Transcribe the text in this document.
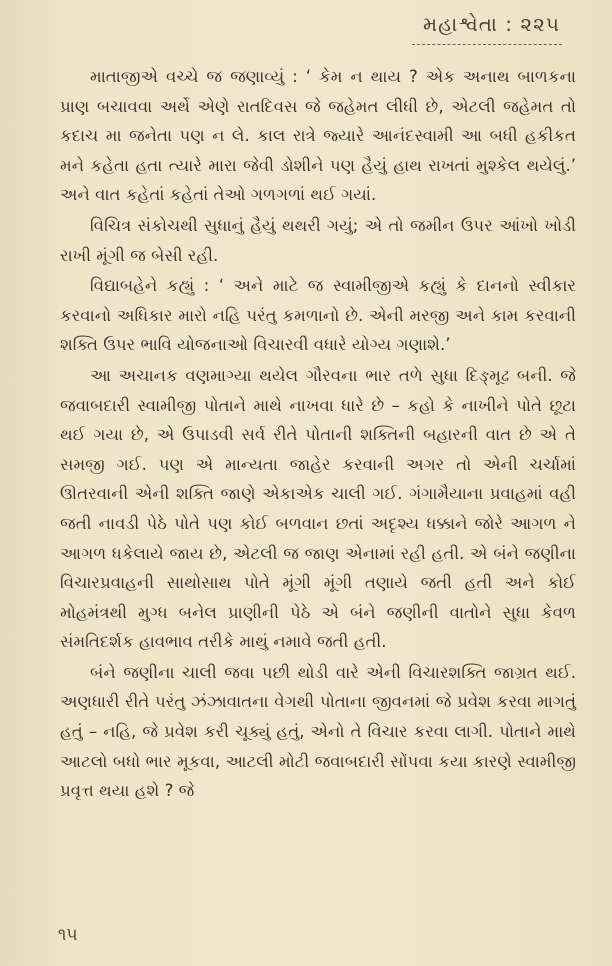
મહાશ્વેતા : ૨૨૫

માતાજીએ વચ્ચે જ જણાવ્યું : ‘ કેમ ન થાય ? એક અનાથ બાળકના પ્રાણ બચાવવા અર્થે એણે રાતદિવસ જે જહેમત લીધી છે, એટલી જહેમત તો કદાચ મા જનેતા પણ ન લે. કાલ રાત્રે જ્યારે આનંદસ્વામી આ બધી હકીકત મને કહેતા હતા ત્યારે મારા જેવી ડોશીને પણ હૈયું હાથ રાખતાં મુશ્કેલ થયેલું.’ અને વાત કહેતાં કહેતાં તેઓ ગળગળાં થઈ ગયાં.

વિચિત્ર સંકોચથી સુધાનું હૈયું થથરી ગયું; એ તો જમીન ઉપર આંખો ખોડી રાખી મૂંગી જ બેસી રહી.

વિદ્યાબહેને કહ્યું : ‘ અને માટે જ સ્વામીજીએ કહ્યું કે દાનનો સ્વીકાર કરવાનો અધિકાર મારો નહિ પરંતુ કમળાનો છે. એની મરજી અને કામ કરવાની શક્તિ ઉપર ભાવિ યોજનાઓ વિચારવી વધારે યોગ્ય ગણાશે.’

આ અચાનક વણમાગ્યા થયેલ ગૌરવના ભાર તળે સુધા દિઙ્મૂઢ બની. જે જવાબદારી સ્વામીજી પોતાને માથે નાખવા ધારે છે – કહો કે નાખીને પોતે છૂટા થઈ ગયા છે, એ ઉપાડવી સર્વ રીતે પોતાની શક્તિની બહારની વાત છે એ તે સમજી ગઈ. પણ એ માન્યતા જાહેર કરવાની અગર તો એની ચર્ચામાં ઊતરવાની એની શક્તિ જાણે એકાએક ચાલી ગઈ. ગંગામૈયાના પ્રવાહમાં વહી જતી નાવડી પેઠે પોતે પણ કોઈ બળવાન છતાં અદૃશ્ય ધક્કાને જોરે આગળ ને આગળ ધકેલાયે જાય છે, એટલી જ જાણ એનામાં રહી હતી. એ બંને જણીના વિચારપ્રવાહની સાથોસાથ પોતે મૂંગી મૂંગી તણાયે જતી હતી અને કોઈ મોહમંત્રથી મુગ્ધ બનેલ પ્રાણીની પેઠે એ બંને જણીની વાતોને સુધા કેવળ સંમતિદર્શક હાવભાવ તરીકે માથું નમાવે જતી હતી.

બંને જણીના ચાલી જવા પછી થોડી વારે એની વિચારશક્તિ જાગ્રત થઈ. અણધારી રીતે પરંતુ ઝંઝાવાતના વેગથી પોતાના જીવનમાં જે પ્રવેશ કરવા માગતું હતું – નહિ, જે પ્રવેશ કરી ચૂક્યું હતું, એનો તે વિચાર કરવા લાગી. પોતાને માથે આટલો બધો ભાર મૂકવા, આટલી મોટી જવાબદારી સોંપવા કયા કારણે સ્વામીજી પ્રવૃત્ત થયા હશે ? જે

૧૫
